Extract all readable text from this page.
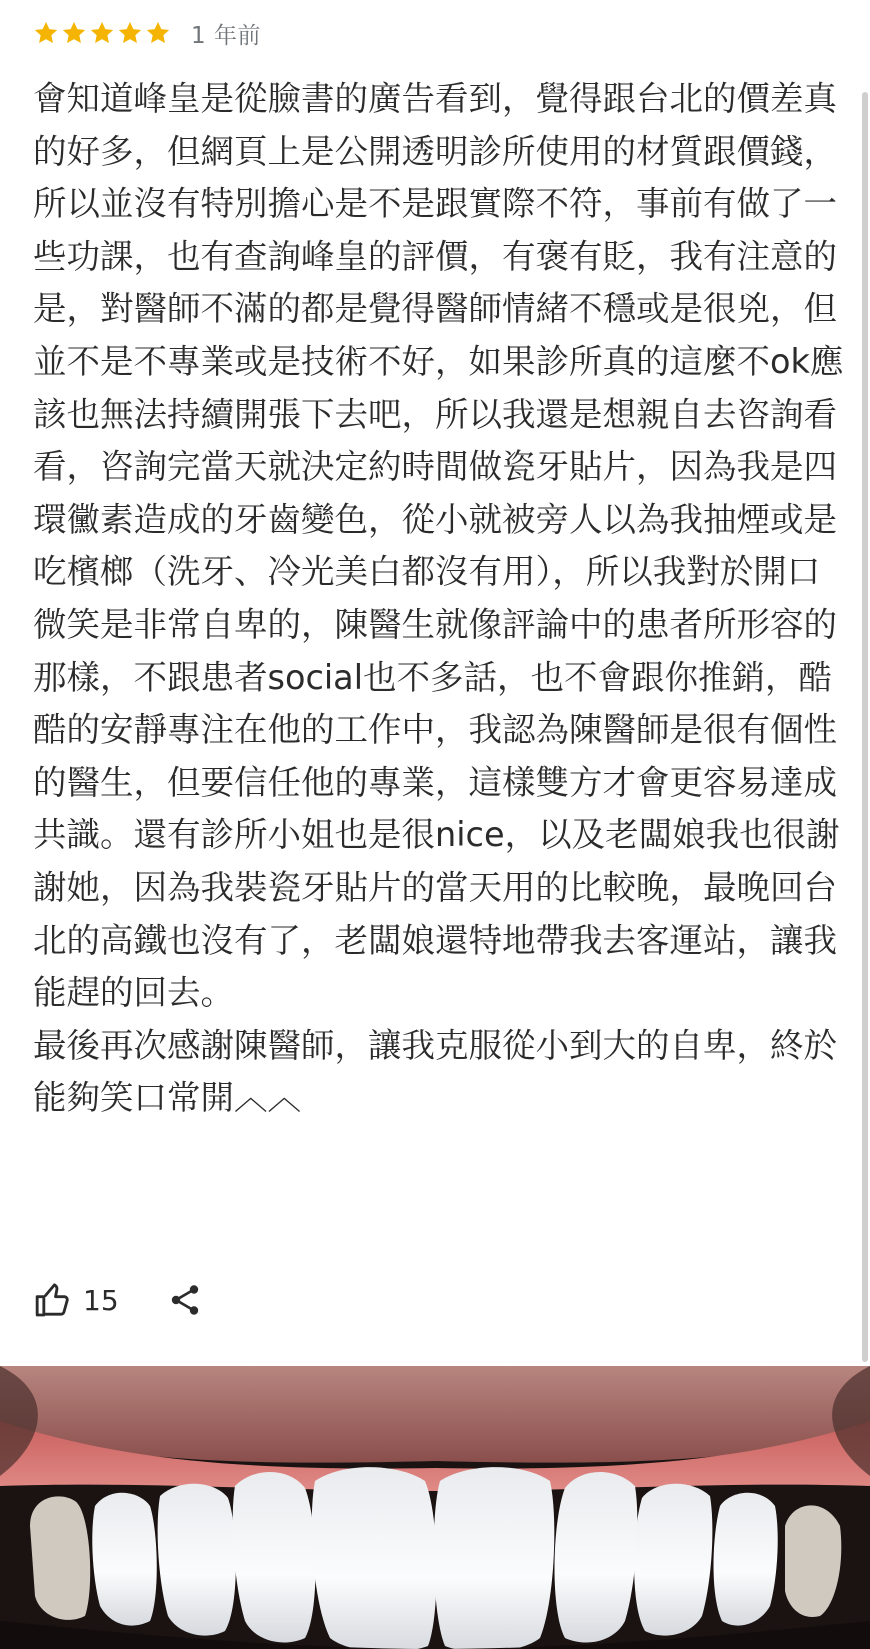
1 年前

會知道峰皇是從臉書的廣告看到，覺得跟台北的價差真的好多，但網頁上是公開透明診所使用的材質跟價錢，所以並沒有特別擔心是不是跟實際不符，事前有做了一些功課，也有查詢峰皇的評價，有褒有貶，我有注意的是，對醫師不滿的都是覺得醫師情緒不穩或是很兇，但並不是不專業或是技術不好，如果診所真的這麼不ok應該也無法持續開張下去吧，所以我還是想親自去咨詢看看，咨詢完當天就決定約時間做瓷牙貼片，因為我是四環黴素造成的牙齒變色，從小就被旁人以為我抽煙或是吃檳榔（洗牙、冷光美白都沒有用），所以我對於開口微笑是非常自卑的，陳醫生就像評論中的患者所形容的那樣，不跟患者social也不多話，也不會跟你推銷，酷酷的安靜專注在他的工作中，我認為陳醫師是很有個性的醫生，但要信任他的專業，這樣雙方才會更容易達成共識。還有診所小姐也是很nice，以及老闆娘我也很謝謝她，因為我裝瓷牙貼片的當天用的比較晚，最晚回台北的高鐵也沒有了，老闆娘還特地帶我去客運站，讓我能趕的回去。
最後再次感謝陳醫師，讓我克服從小到大的自卑，終於能夠笑口常開︿︿

15
